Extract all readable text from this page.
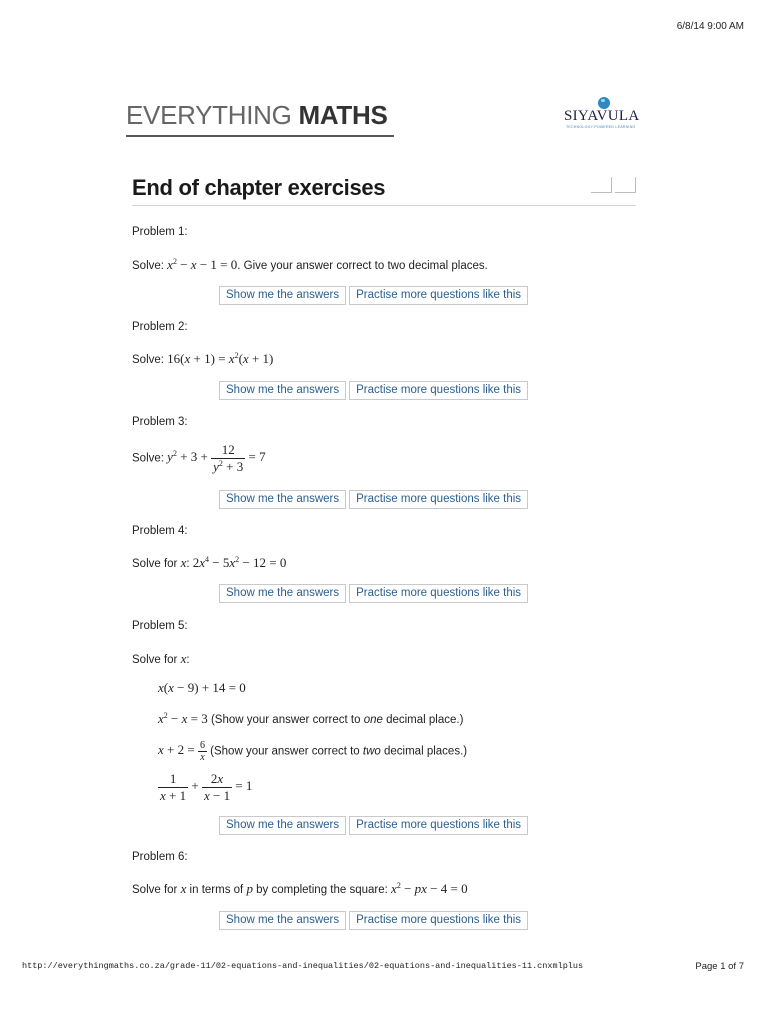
6/8/14 9:00 AM
EVERYTHING MATHS	SIYAVULA
TECHNOLOGY-POWERED LEARNING
End of chapter exercises
Problem 1:
Solve: $x^2 - x - 1 = 0$. Give your answer correct to two decimal places.
Show me the answers	Practise more questions like this
Problem 2:
Solve: $16(x + 1) = x^2(x + 1)$
Show me the answers	Practise more questions like this
Problem 3:
Solve: $y^2 + 3 + \frac{12}{y^2 + 3} = 7$
Show me the answers	Practise more questions like this
Problem 4:
Solve for x: $2x^4 - 5x^2 - 12 = 0$
Show me the answers	Practise more questions like this
Problem 5:
Solve for x:
x(x − 9) + 14 = 0
$x^2 - x = 3$ (Show your answer correct to one decimal place.)
$x + 2 = \frac{6}{x}$ (Show your answer correct to two decimal places.)
$\frac{1}{x + 1} + \frac{2x}{x - 1} = 1$
Show me the answers	Practise more questions like this
Problem 6:
Solve for x in terms of p by completing the square: $x^2$ − px − 4 = 0
Show me the answers	Practise more questions like this
http://everythingmaths.co.za/grade-11/02-equations-and-inequalities/02-equations-and-inequalities-11.cnxmlplus	Page 1 of 7
